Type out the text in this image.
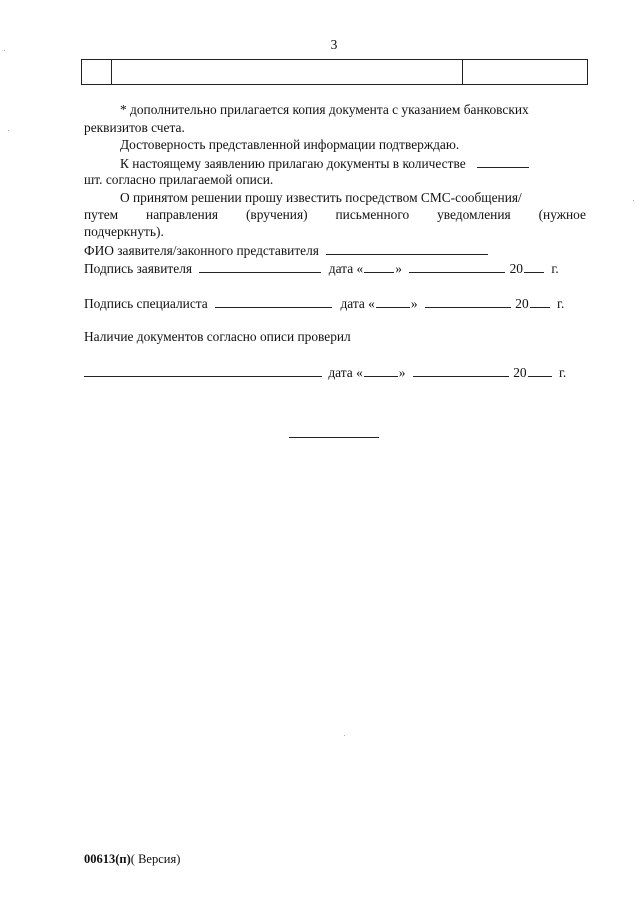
3
* дополнительно прилагается копия документа с указанием банковских
реквизитов счета.
Достоверность представленной информации подтверждаю.
К настоящему заявлению прилагаю документы в количестве
шт. согласно прилагаемой описи.
О принятом решении прошу известить посредством СМС-сообщения/
путем направления (вручения) письменного уведомления (нужное
подчеркнуть).
ФИО заявителя/законного представителя
Подпись заявителя	дата « »	20 г.
Подпись специалиста	дата «	»	20 г.
Наличие документов согласно описи проверил
дата «	»	20 г.
00613(п)( Версия)
